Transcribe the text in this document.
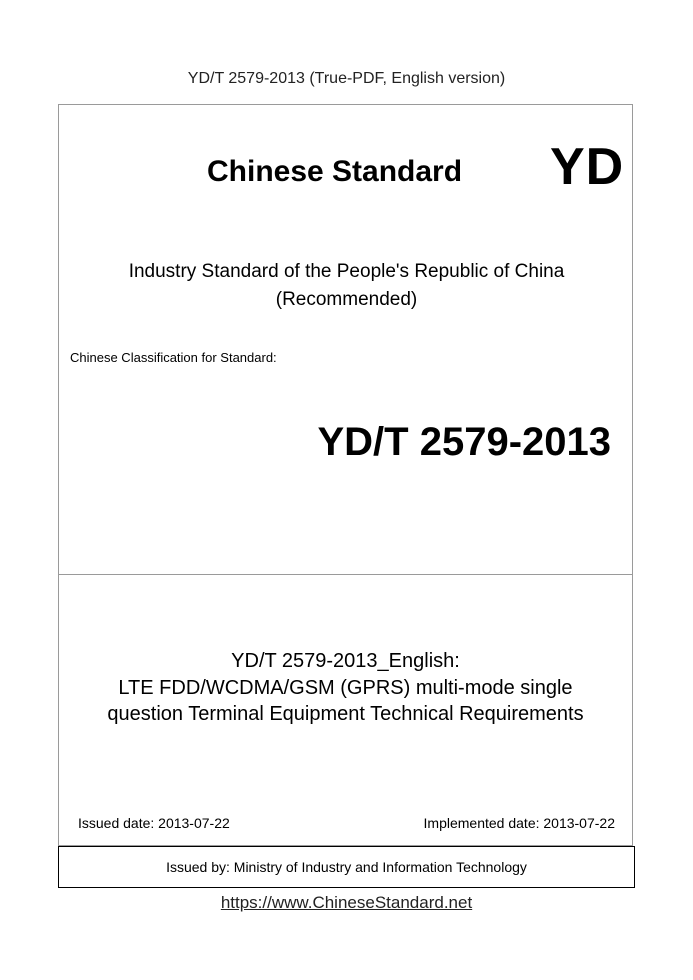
YD/T 2579-2013 (True-PDF, English version)
Chinese Standard YD
Industry Standard of the People's Republic of China
(Recommended)
Chinese Classification for Standard:
YD/T 2579-2013
YD/T 2579-2013_English:
LTE FDD/WCDMA/GSM (GPRS) multi-mode single
question Terminal Equipment Technical Requirements
Issued date: 2013-07-22	Implemented date: 2013-07-22
Issued by: Ministry of Industry and Information Technology
https://www.ChineseStandard.net
